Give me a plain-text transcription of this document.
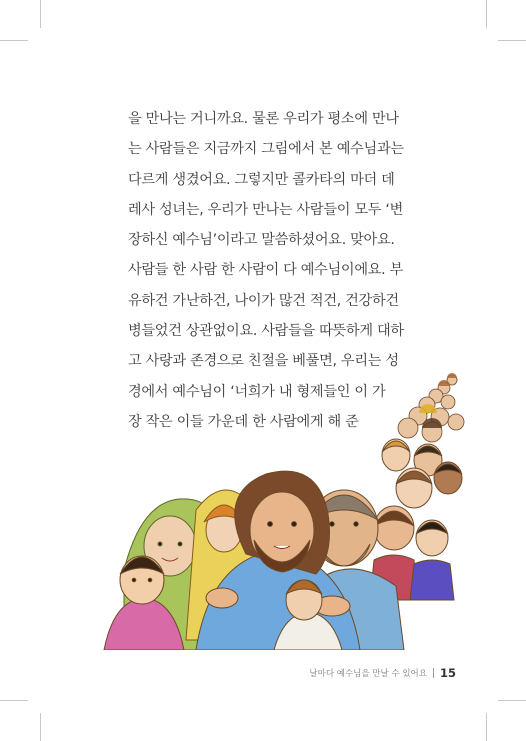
을 만나는 거니까요. 물론 우리가 평소에 만나
는 사람들은 지금까지 그림에서 본 예수님과는
다르게 생겼어요. 그렇지만 콜카타의 마더 데
레사 성녀는, 우리가 만나는 사람들이 모두 ‘변
장하신 예수님’이라고 말씀하셨어요. 맞아요.
사람들 한 사람 한 사람이 다 예수님이에요. 부
유하건 가난하건, 나이가 많건 적건, 건강하건
병들었건 상관없이요. 사람들을 따뜻하게 대하
고 사랑과 존경으로 친절을 베풀면, 우리는 성
경에서 예수님이 ‘너희가 내 형제들인 이 가
장 작은 이들 가운데 한 사람에게 해 준
날마다 예수님을 만날 수 있어요 15
